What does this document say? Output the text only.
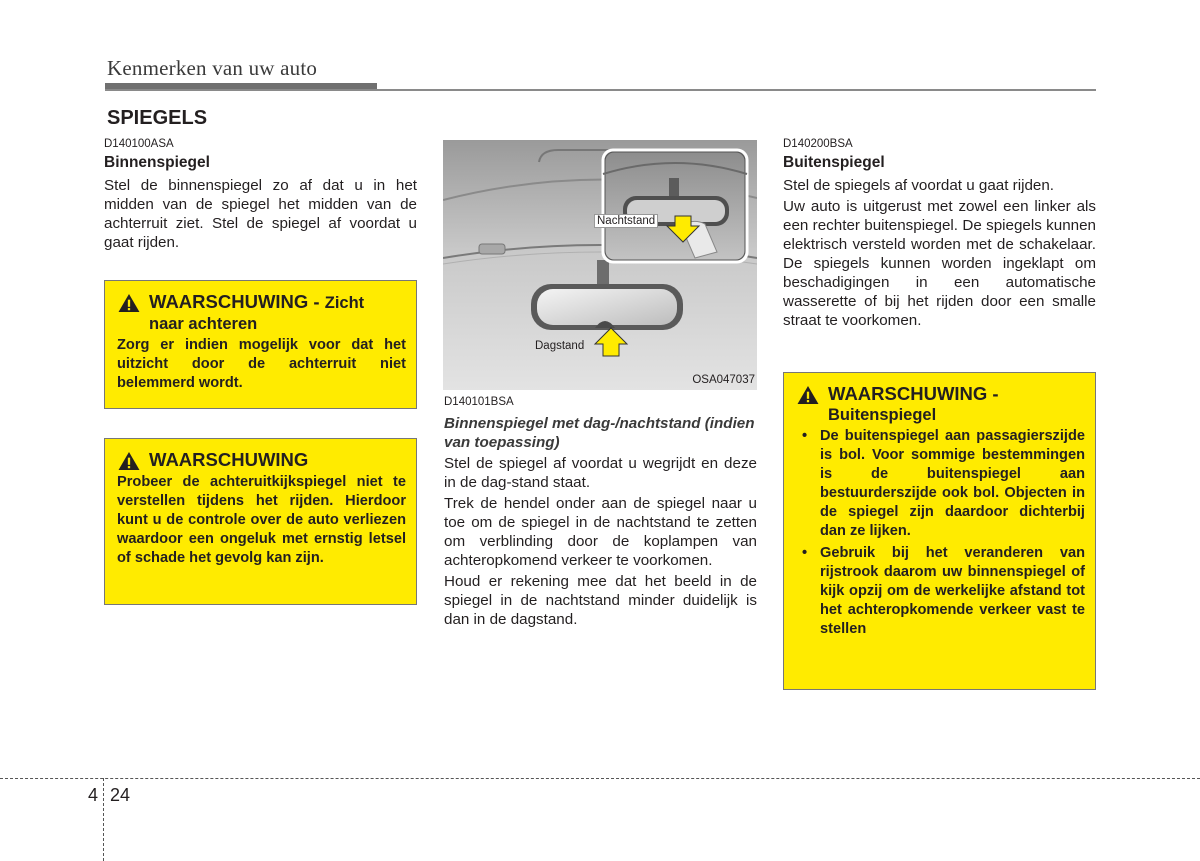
Kenmerken van uw auto
SPIEGELS
D140100ASA
Binnenspiegel

Stel de binnenspiegel zo af dat u in het midden van de spiegel het midden van de achterruit ziet. Stel de spiegel af voordat u gaat rijden.

WAARSCHUWING - Zicht
naar achteren
Zorg er indien mogelijk voor dat het uitzicht door de achterruit niet belemmerd wordt.
WAARSCHUWING
Probeer de achteruitkijkspiegel niet te verstellen tijdens het rijden. Hierdoor kunt u de controle over de auto verliezen waardoor een ongeluk met ernstig letsel of schade het gevolg kan zijn.
Nachtstand
Dagstand
OSA047037
D140101BSA
Binnenspiegel met dag-/nachtstand (indien van toepassing)

Stel de spiegel af voordat u wegrijdt en deze in de dag-stand staat.

Trek de hendel onder aan de spiegel naar u toe om de spiegel in de nachtstand te zetten om verblinding door de koplampen van achteropkomend verkeer te voorkomen.

Houd er rekening mee dat het beeld in de spiegel in de nachtstand minder duidelijk is dan in de dagstand.

D140200BSA
Buitenspiegel

Stel de spiegels af voordat u gaat rijden.

Uw auto is uitgerust met zowel een linker als een rechter buitenspiegel. De spiegels kunnen elektrisch versteld worden met de schakelaar. De spiegels kunnen worden ingeklapt om beschadigingen in een automatische wasserette of bij het rijden door een smalle straat te voorkomen.

WAARSCHUWING -
Buitenspiegel
• De buitenspiegel aan passagierszijde is bol. Voor sommige bestemmingen is de buitenspiegel aan bestuurderszijde ook bol. Objecten in de spiegel zijn daardoor dichterbij dan ze lijken.
• Gebruik bij het veranderen van rijstrook daarom uw binnenspiegel of kijk opzij om de werkelijke afstand tot het achteropkomende verkeer vast te stellen
4 24
